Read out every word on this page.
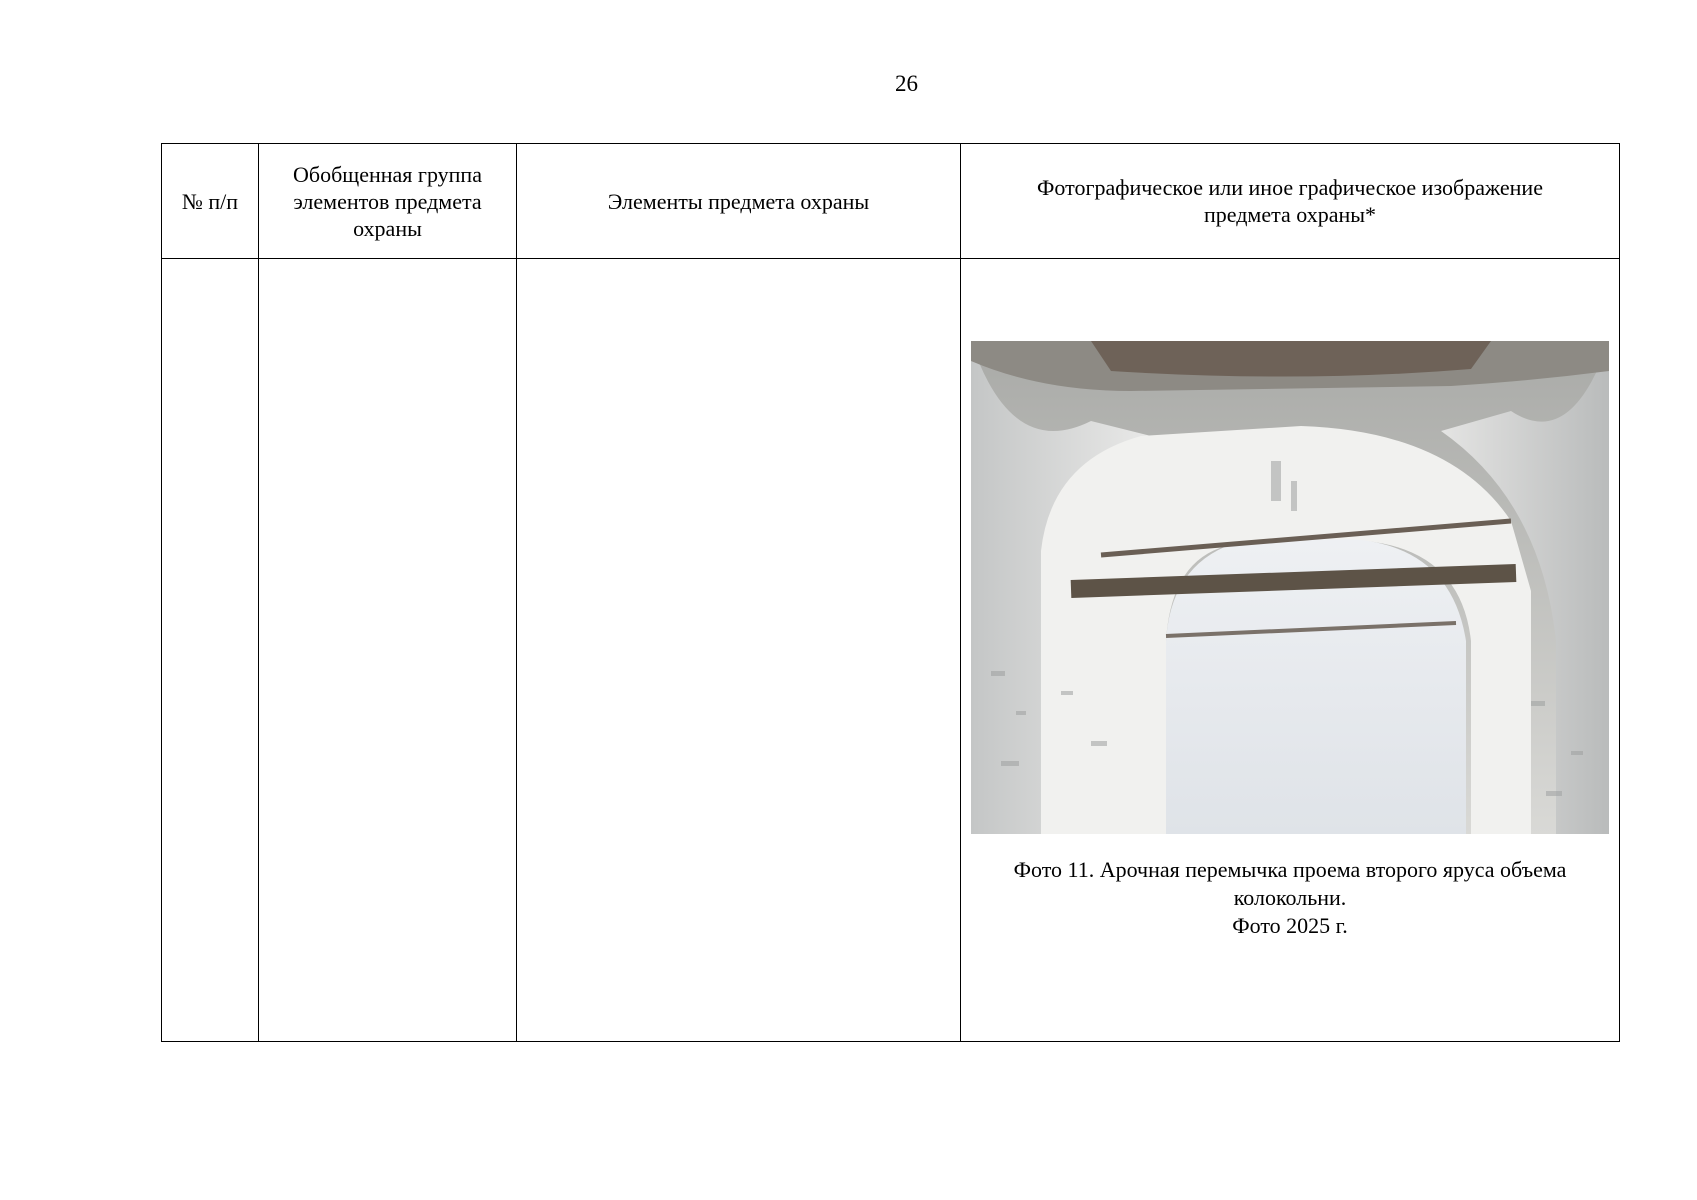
26
№ п/п	Обобщенная группа элементов предмета охраны	Элементы предмета охраны	Фотографическое или иное графическое изображение предмета охраны*

			Фото 11. Арочная перемычка проема второго яруса объема
колокольни.
Фото 2025 г.
